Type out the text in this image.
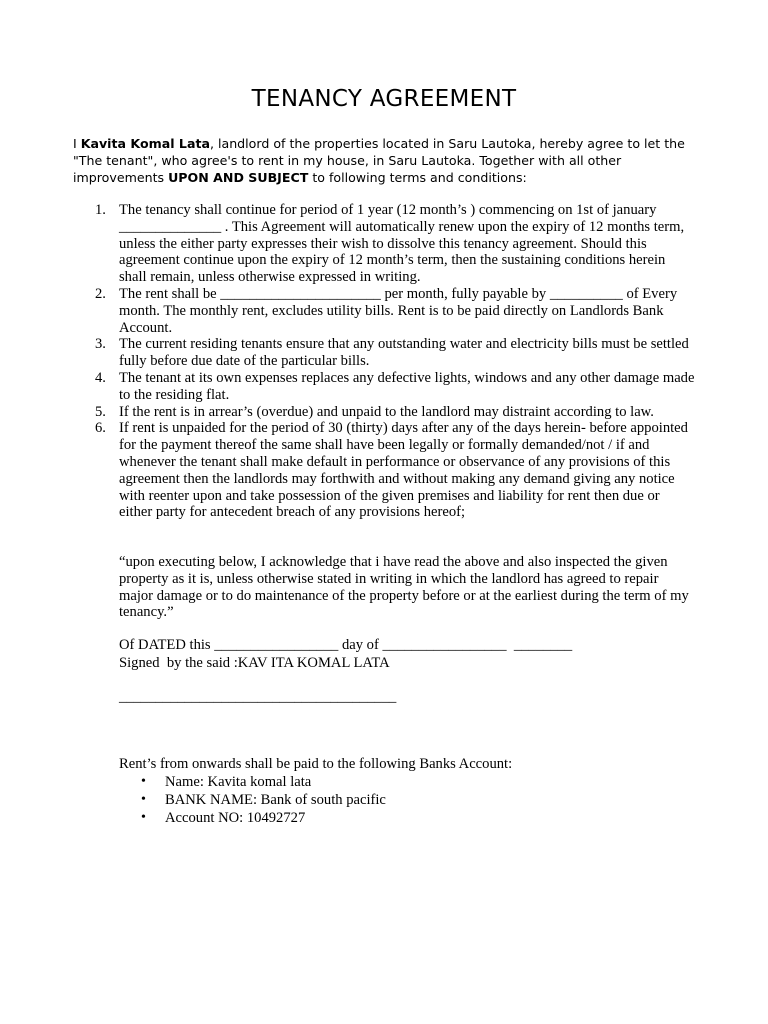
TENANCY AGREEMENT
I Kavita Komal Lata, landlord of the properties located in Saru Lautoka, hereby agree to let the "The tenant", who agree's to rent in my house, in Saru Lautoka. Together with all other improvements UPON AND SUBJECT to following terms and conditions:
1. The tenancy shall continue for period of 1 year (12 month’s ) commencing on 1st of january ______________ . This Agreement will automatically renew upon the expiry of 12 months term, unless the either party expresses their wish to dissolve this tenancy agreement. Should this agreement continue upon the expiry of 12 month’s term, then the sustaining conditions herein shall remain, unless otherwise expressed in writing.
2. The rent shall be ______________________ per month, fully payable by __________ of Every month. The monthly rent, excludes utility bills. Rent is to be paid directly on Landlords Bank Account.
3. The current residing tenants ensure that any outstanding water and electricity bills must be settled fully before due date of the particular bills.
4. The tenant at its own expenses replaces any defective lights, windows and any other damage made to the residing flat.
5. If the rent is in arrear’s (overdue) and unpaid to the landlord may distraint according to law.
6. If rent is unpaided for the period of 30 (thirty) days after any of the days herein- before appointed for the payment thereof the same shall have been legally or formally demanded/not / if and whenever the tenant shall make default in performance or observance of any provisions of this agreement then the landlords may forthwith and without making any demand giving any notice with reenter upon and take possession of the given premises and liability for rent then due or either party for antecedent breach of any provisions hereof;
“upon executing below, I acknowledge that i have read the above and also inspected the given property as it is, unless otherwise stated in writing in which the landlord has agreed to repair major damage or to do maintenance of the property before or at the earliest during the term of my tenancy.”
Of DATED this _________________ day of _________________  ________
Signed  by the said :KAV ITA KOMAL LATA
______________________________________
Rent’s from onwards shall be paid to the following Banks Account:
• Name: Kavita komal lata
• BANK NAME: Bank of south pacific
• Account NO: 10492727
